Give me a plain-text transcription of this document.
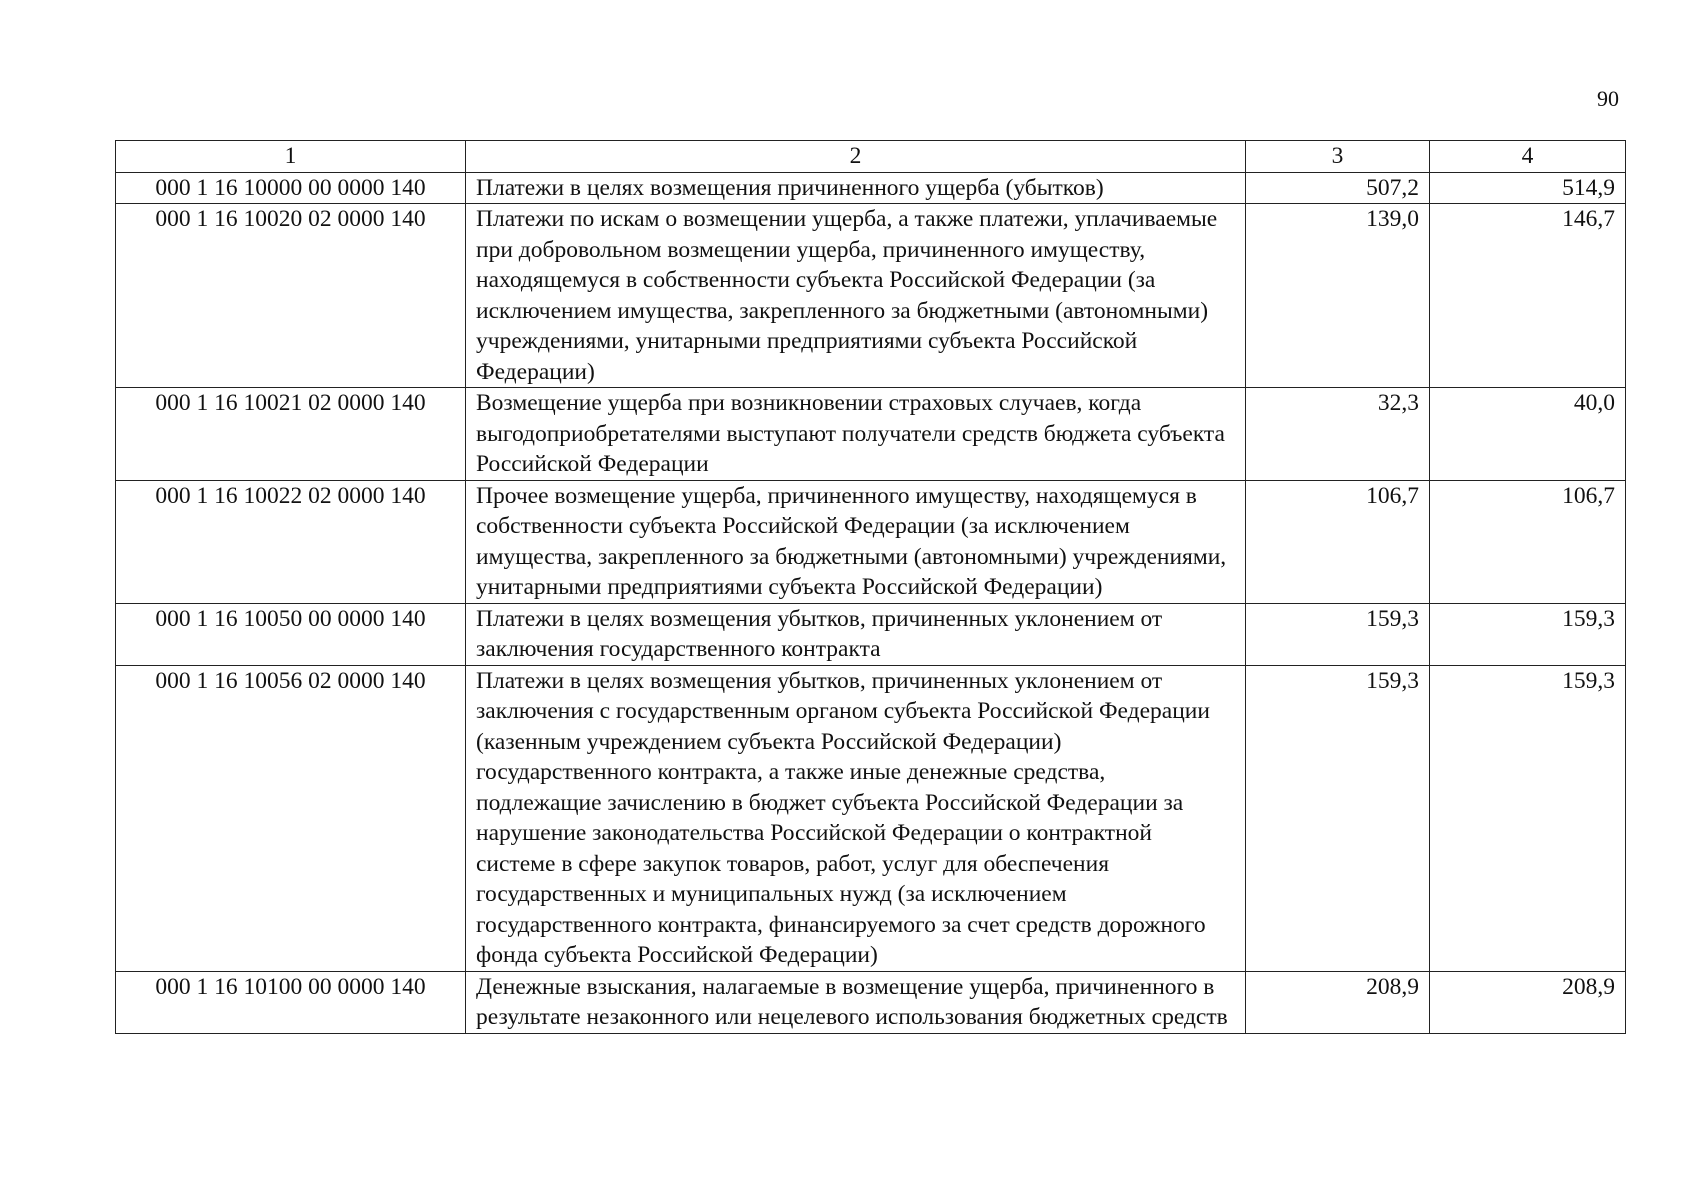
90
1	2	3	4
000 1 16 10000 00 0000 140	Платежи в целях возмещения причиненного ущерба (убытков)	507,2	514,9
000 1 16 10020 02 0000 140	Платежи по искам о возмещении ущерба, а также платежи, уплачиваемые при добровольном возмещении ущерба, причиненного имуществу, находящемуся в собственности субъекта Российской Федерации (за исключением имущества, закрепленного за бюджетными (автономными) учреждениями, унитарными предприятиями субъекта Российской Федерации)	139,0	146,7
000 1 16 10021 02 0000 140	Возмещение ущерба при возникновении страховых случаев, когда выгодоприобретателями выступают получатели средств бюджета субъекта Российской Федерации	32,3	40,0
000 1 16 10022 02 0000 140	Прочее возмещение ущерба, причиненного имуществу, находящемуся в собственности субъекта Российской Федерации (за исключением имущества, закрепленного за бюджетными (автономными) учреждениями, унитарными предприятиями субъекта Российской Федерации)	106,7	106,7
000 1 16 10050 00 0000 140	Платежи в целях возмещения убытков, причиненных уклонением от заключения государственного контракта	159,3	159,3
000 1 16 10056 02 0000 140	Платежи в целях возмещения убытков, причиненных уклонением от заключения с государственным органом субъекта Российской Федерации (казенным учреждением субъекта Российской Федерации) государственного контракта, а также иные денежные средства, подлежащие зачислению в бюджет субъекта Российской Федерации за нарушение законодательства Российской Федерации о контрактной системе в сфере закупок товаров, работ, услуг для обеспечения государственных и муниципальных нужд (за исключением государственного контракта, финансируемого за счет средств дорожного фонда субъекта Российской Федерации)	159,3	159,3
000 1 16 10100 00 0000 140	Денежные взыскания, налагаемые в возмещение ущерба, причиненного в результате незаконного или нецелевого использования бюджетных средств	208,9	208,9
